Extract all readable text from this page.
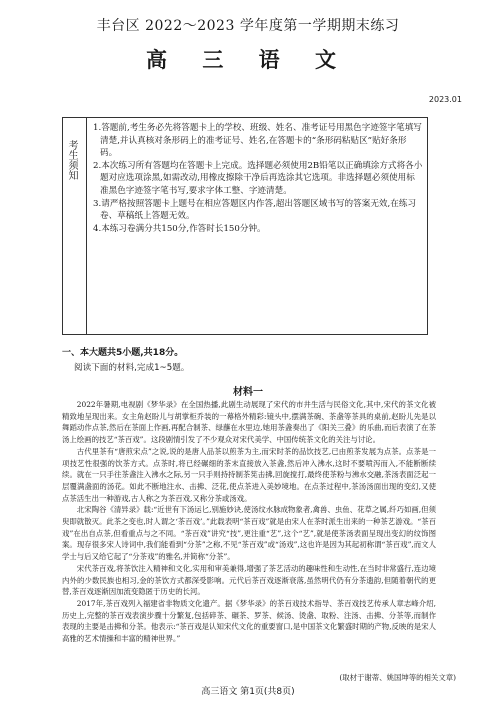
丰台区 2022～2023 学年度第一学期期末练习
高 三 语 文
2023.01
考生须知

1.答题前,考生务必先将答题卡上的学校、班级、姓名、准考证号用黑色字迹签字笔填写清楚,并认真核对条形码上的准考证号、姓名,在答题卡的“条形码粘贴区”贴好条形码。

2.本次练习所有答题均在答题卡上完成。选择题必须使用2B铅笔以正确填涂方式将各小题对应选项涂黑,如需改动,用橡皮擦除干净后再选涂其它选项。非选择题必须使用标准黑色字迹签字笔书写,要求字体工整、字迹清楚。

3.请严格按照答题卡上题号在相应答题区内作答,超出答题区域书写的答案无效,在练习卷、草稿纸上答题无效。

4.本练习卷满分共150分,作答时长150分钟。

一、本大题共5小题,共18分。
阅读下面的材料,完成1~5题。
材料一

2022年暑期,电视剧《梦华录》在全国热播,此剧生动展现了宋代的市井生活与民俗文化,其中,宋代的茶文化被精致地呈现出来。女主角赵盼儿与胡掌柜乔装的一幕格外精彩:镜头中,摆满茶碗、茶盏等茶具的桌前,赵盼儿先是以舞蹈动作点茶,然后在茶面上作画,再配合制茶、绿蘸在水里边,她用茶盏奏出了《阳关三叠》的乐曲,而后表演了在茶汤上绘画的技艺“茶百戏”。这段剧情引发了不少观众对宋代美学、中国传统茶文化的关注与讨论。

古代里茶有“唐煎宋点”之说,说的是唐人品茶以煎茶为主,而宋时茶的品饮技艺,已由煎茶发展为点茶。点茶是一项技艺性很强的饮茶方式。点茶时,将已经碾细的茶末直接放入茶盏,然后冲入沸水,这时不要喷泻而入,不能断断续续。就在一只手往茶盏注入沸水之际,另一只手则持持制茶筅击拂,回旋搅打,最终使茶粉与沸水交融,茶汤表面泛起一层覆满盏面的汤花。如此不断地注水、击拂、泛花,使点茶进入美妙境地。在点茶过程中,茶汤汤面出现的变幻,又使点茶活生出一种游戏,古人称之为茶百戏,又称分茶或汤戏。

北宋陶谷《清异录》载:“近世有下汤运匕,别施妙诀,使汤纹水脉成物象者,禽兽、虫鱼、花草之属,纤巧如画,但须臾即就散灭。此茶之变也,时人谓之‘茶百戏’。”此载表明“茶百戏”就是由宋人在茶时派生出来的一种茶艺游戏。“茶百戏”在出自点茶,但看重点与之不同。“茶百戏”讲究“技”,更注重“艺”,这个“艺”,就是使茶汤表面呈现出变幻的纹饰图案。现存很多宋人诗词中,我们能看到“分茶”之称,不见“茶百戏”或“汤戏”,这也许是因为其起初称谓“茶百戏”,而文人学士与后又给它起了“分茶戏”的雅名,并简称“分茶”。

宋代茶百戏,将茶饮注入精神和文化,实用和审美兼得,增强了茶艺活动的趣味性和生动性,在当时非常盛行,连边境内外的少数民族也相习,金的茶饮方式都深受影响。元代后茶百戏逐渐衰落,虽然明代仍有分茶遗韵,但随着朝代的更替,茶百戏逐渐因加流变隐匿于历史的长河。

2017年,茶百戏列入福建省非物质文化遗产。据《梦华录》的茶百戏技术指导、茶百戏技艺传承人章志峰介绍,历史上,完整的茶百戏表演步骤十分繁复,包括碎茶、碾茶、罗茶、候汤、烫盏、取粉、注汤、击拂、分茶等,而制作表现的主要是击拂和分茶。他表示:“茶百戏是认知宋代文化的重要窗口,是中国茶文化繁盛时期的产物,反映的是宋人高雅的艺术情操和丰富的精神世界。”

(取材于谢蒂、姚国坤等的相关文章)
高三语文 第1页(共8页)
